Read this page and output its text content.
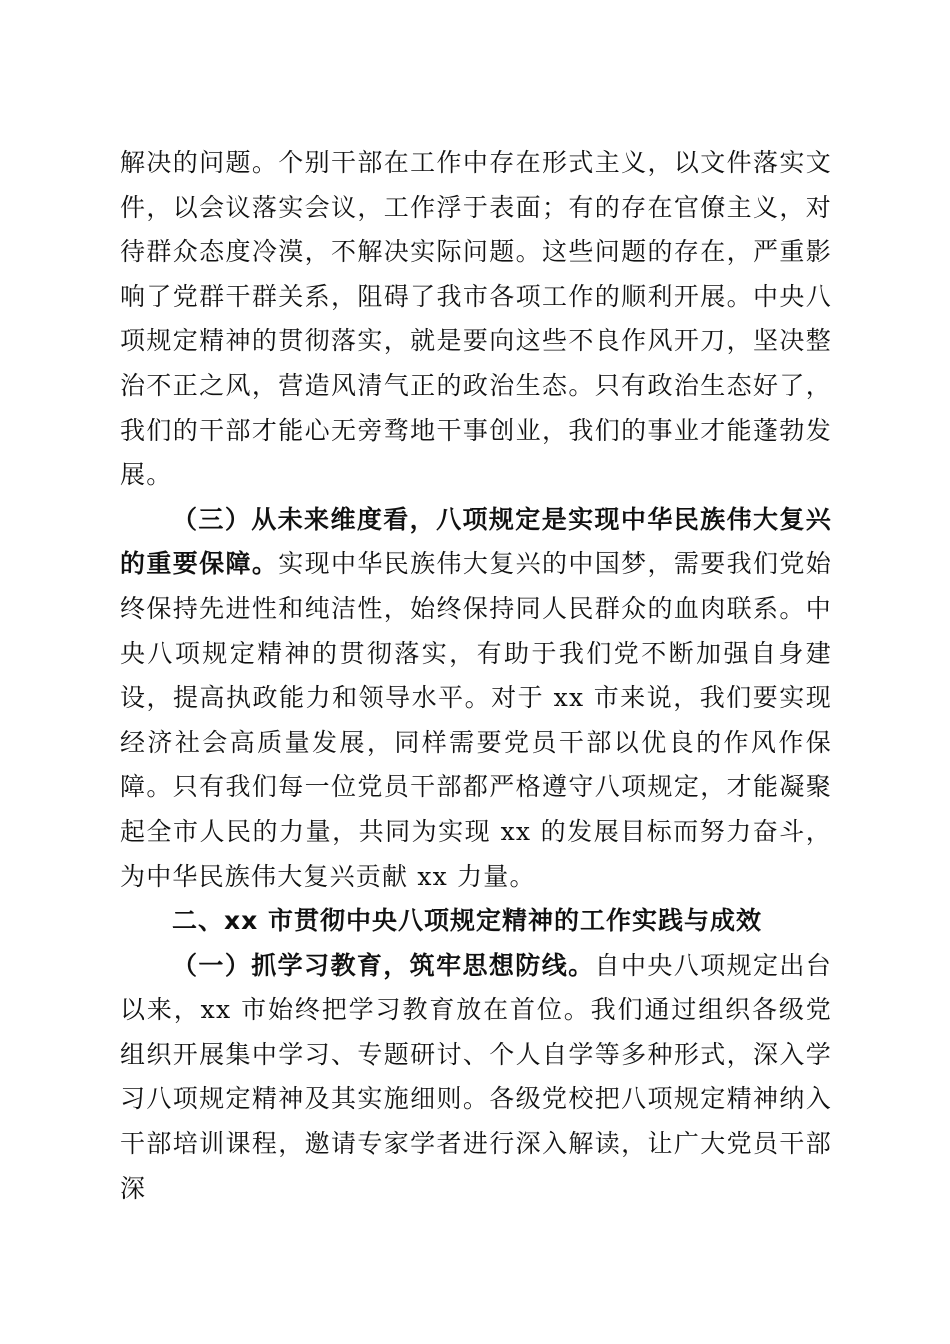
解决的问题。个别干部在工作中存在形式主义，以文件落实文件，以会议落实会议，工作浮于表面；有的存在官僚主义，对待群众态度冷漠，不解决实际问题。这些问题的存在，严重影响了党群干群关系，阻碍了我市各项工作的顺利开展。中央八项规定精神的贯彻落实，就是要向这些不良作风开刀，坚决整治不正之风，营造风清气正的政治生态。只有政治生态好了，我们的干部才能心无旁骛地干事创业，我们的事业才能蓬勃发展。

（三）从未来维度看，八项规定是实现中华民族伟大复兴的重要保障。实现中华民族伟大复兴的中国梦，需要我们党始终保持先进性和纯洁性，始终保持同人民群众的血肉联系。中央八项规定精神的贯彻落实，有助于我们党不断加强自身建设，提高执政能力和领导水平。对于 xx 市来说，我们要实现经济社会高质量发展，同样需要党员干部以优良的作风作保障。只有我们每一位党员干部都严格遵守八项规定，才能凝聚起全市人民的力量，共同为实现 xx 的发展目标而努力奋斗，为中华民族伟大复兴贡献 xx 力量。

二、xx 市贯彻中央八项规定精神的工作实践与成效

（一）抓学习教育，筑牢思想防线。自中央八项规定出台以来，xx 市始终把学习教育放在首位。我们通过组织各级党组织开展集中学习、专题研讨、个人自学等多种形式，深入学习八项规定精神及其实施细则。各级党校把八项规定精神纳入干部培训课程，邀请专家学者进行深入解读，让广大党员干部深
